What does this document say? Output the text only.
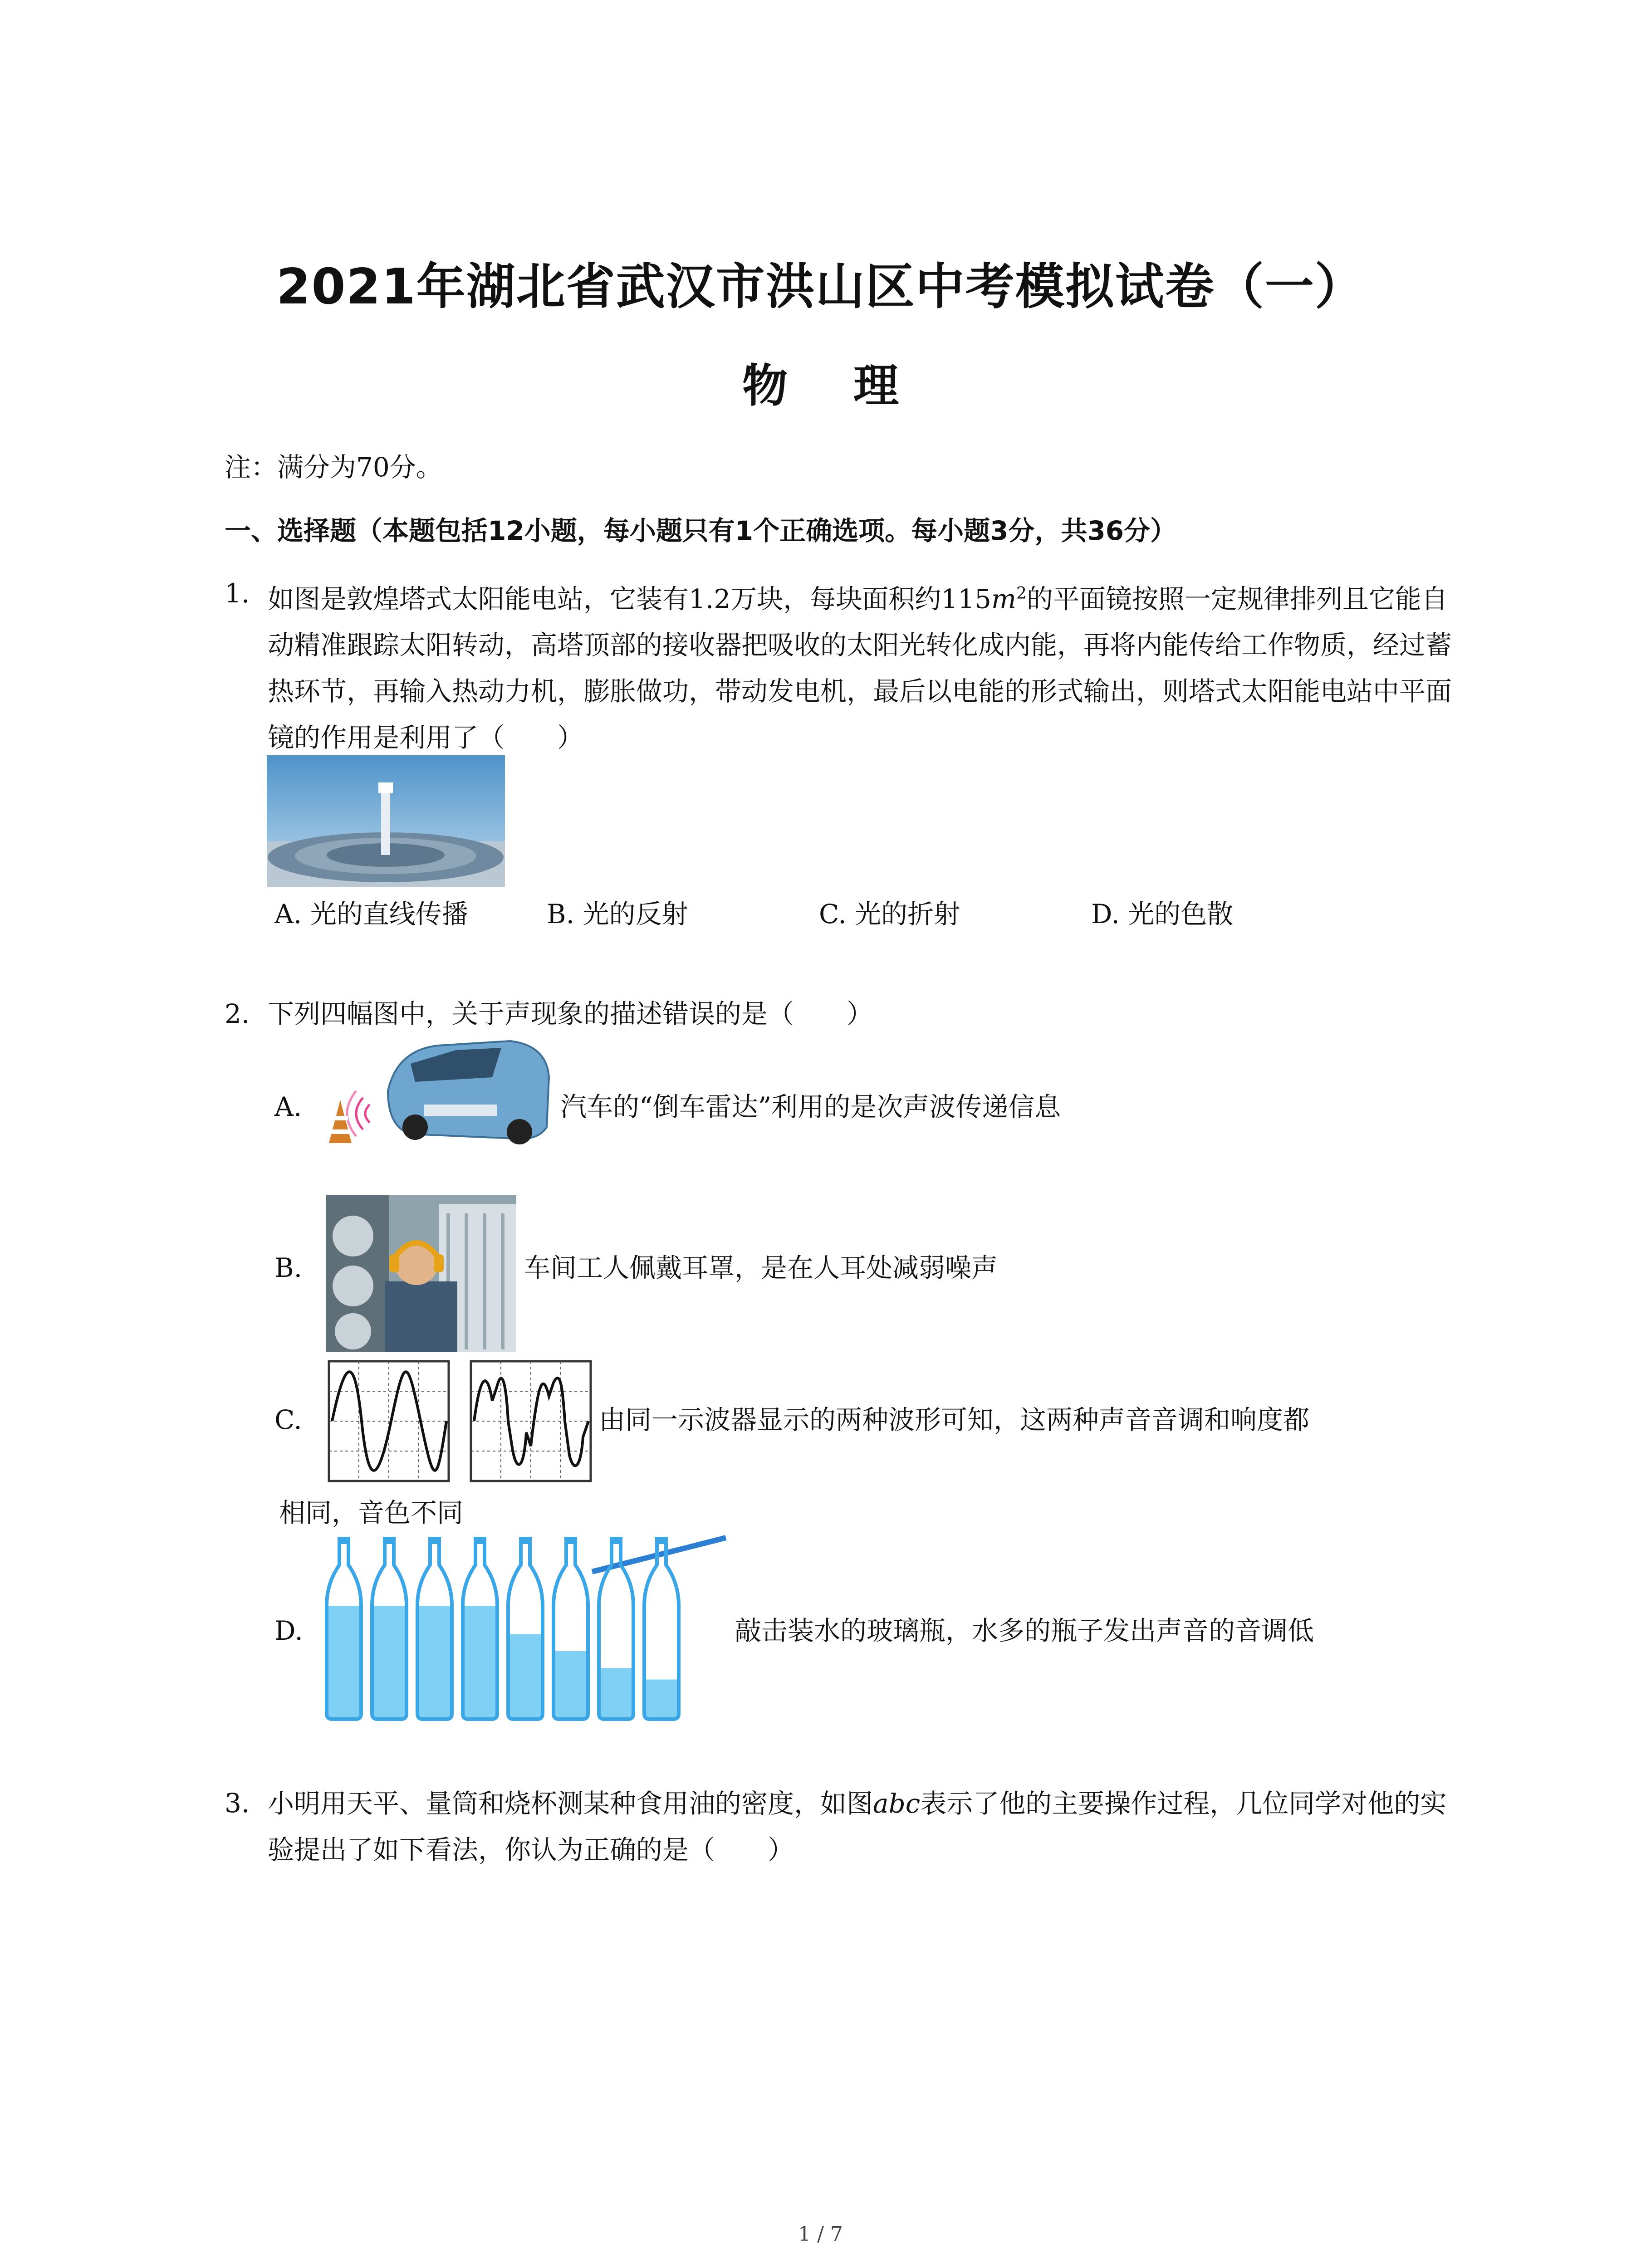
2021年湖北省武汉市洪山区中考模拟试卷（一）
物 理
注：满分为70分。
一、选择题（本题包括12小题，每小题只有1个正确选项。每小题3分，共36分）
1. 如图是敦煌塔式太阳能电站，它装有1.2万块，每块面积约$115m^2$的平面镜按照一定规律排列且它能自动精准跟踪太阳转动，高塔顶部的接收器把吸收的太阳光转化成内能，再将内能传给工作物质，经过蓄热环节，再输入热动力机，膨胀做功，带动发电机，最后以电能的形式输出，则塔式太阳能电站中平面镜的作用是利用了（　　）
A. 光的直线传播	B. 光的反射	C. 光的折射	D. 光的色散
2. 下列四幅图中，关于声现象的描述错误的是（　　）
A.	汽车的“倒车雷达”利用的是次声波传递信息
B.	车间工人佩戴耳罩，是在人耳处减弱噪声
C.	由同一示波器显示的两种波形可知，这两种声音音调和响度都
相同，音色不同
D.	敲击装水的玻璃瓶，水多的瓶子发出声音的音调低
3. 小明用天平、量筒和烧杯测某种食用油的密度，如图abc表示了他的主要操作过程，几位同学对他的实验提出了如下看法，你认为正确的是（　　）
1 / 7
